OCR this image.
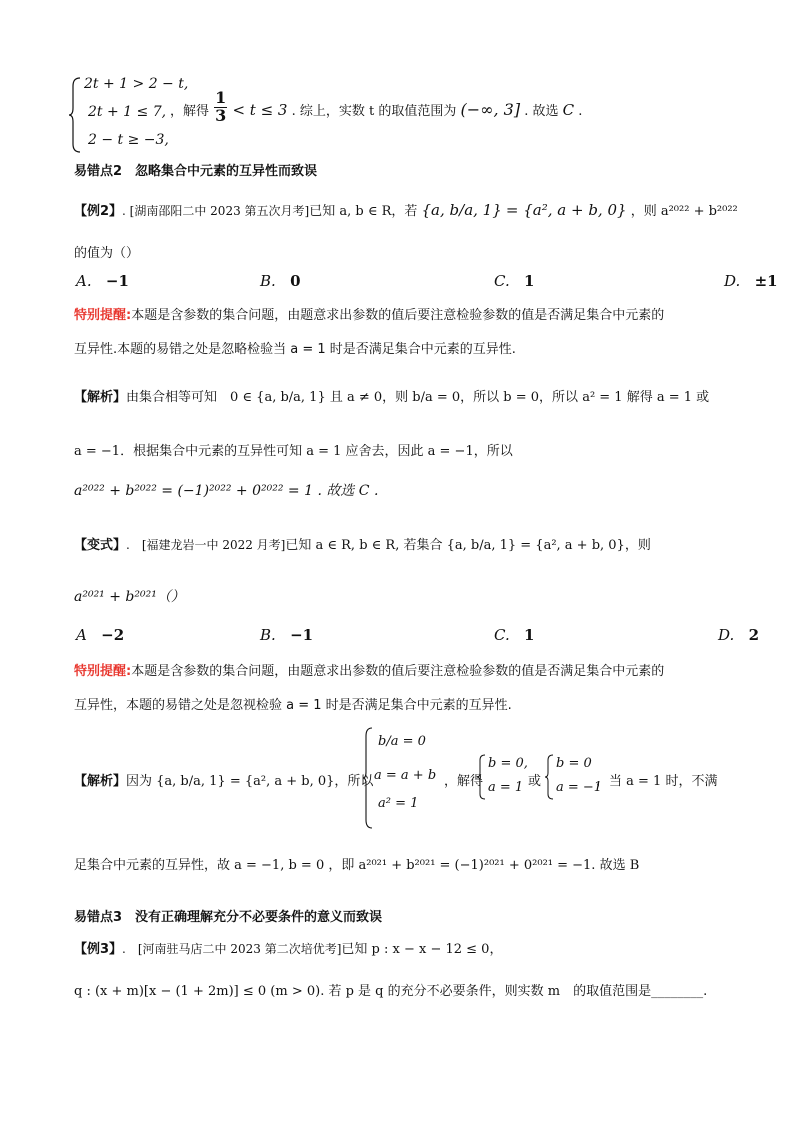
2t + 1 > 2 − t,
2t + 1 ≤ 7,
2 − t ≥ −3,
，解得 $\frac{1}{3} < t \le 3$ . 综上，实数 t 的取值范围为 (−∞, 3] . 故选 C .
易错点2　忽略集合中元素的互异性而致误
【例2】. [湖南邵阳二中 2023 第五次月考]已知 a, b ∈ R，若 {a, b/a, 1} = {a², a + b, 0} ，则 a²⁰²² + b²⁰²²
的值为（）
A. −1	B. 0	C. 1	D. ±1
特别提醒:本题是含参数的集合问题，由题意求出参数的值后要注意检验参数的值是否满足集合中元素的
互异性.本题的易错之处是忽略检验当 a = 1 时是否满足集合中元素的互异性.
【解析】由集合相等可知　0 ∈ {a, b/a, 1} 且 a ≠ 0，则 b/a = 0，所以 b = 0，所以 a² = 1 解得 a = 1 或
a = −1．根据集合中元素的互异性可知 a = 1 应舍去，因此 a = −1，所以
a²⁰²² + b²⁰²² = (−1)²⁰²² + 0²⁰²² = 1 . 故选 C .
【变式】.　[福建龙岩一中 2022 月考]已知 a ∈ R, b ∈ R, 若集合 {a, b/a, 1} = {a², a + b, 0}，则
a²⁰²¹ + b²⁰²¹（）
A −2	B. −1	C. 1	D. 2
特别提醒:本题是含参数的集合问题，由题意求出参数的值后要注意检验参数的值是否满足集合中元素的
互异性，本题的易错之处是忽视检验 a = 1 时是否满足集合中元素的互异性.
【解析】因为 {a, b/a, 1} = {a², a + b, 0}，所以
b/a = 0
a = a + b
a² = 1
，解得
b = 0,
a = 1 或
b = 0
a = −1
，当 a = 1 时，不满
足集合中元素的互异性，故 a = −1, b = 0 ，即 a²⁰²¹ + b²⁰²¹ = (−1)²⁰²¹ + 0²⁰²¹ = −1. 故选 B
易错点3　没有正确理解充分不必要条件的意义而致误
【例3】.　[河南驻马店二中 2023 第二次培优考]已知 p : x − x − 12 ≤ 0，
q : (x + m)[x − (1 + 2m)] ≤ 0 (m > 0). 若 p 是 q 的充分不必要条件，则实数 m　的取值范围是________.
